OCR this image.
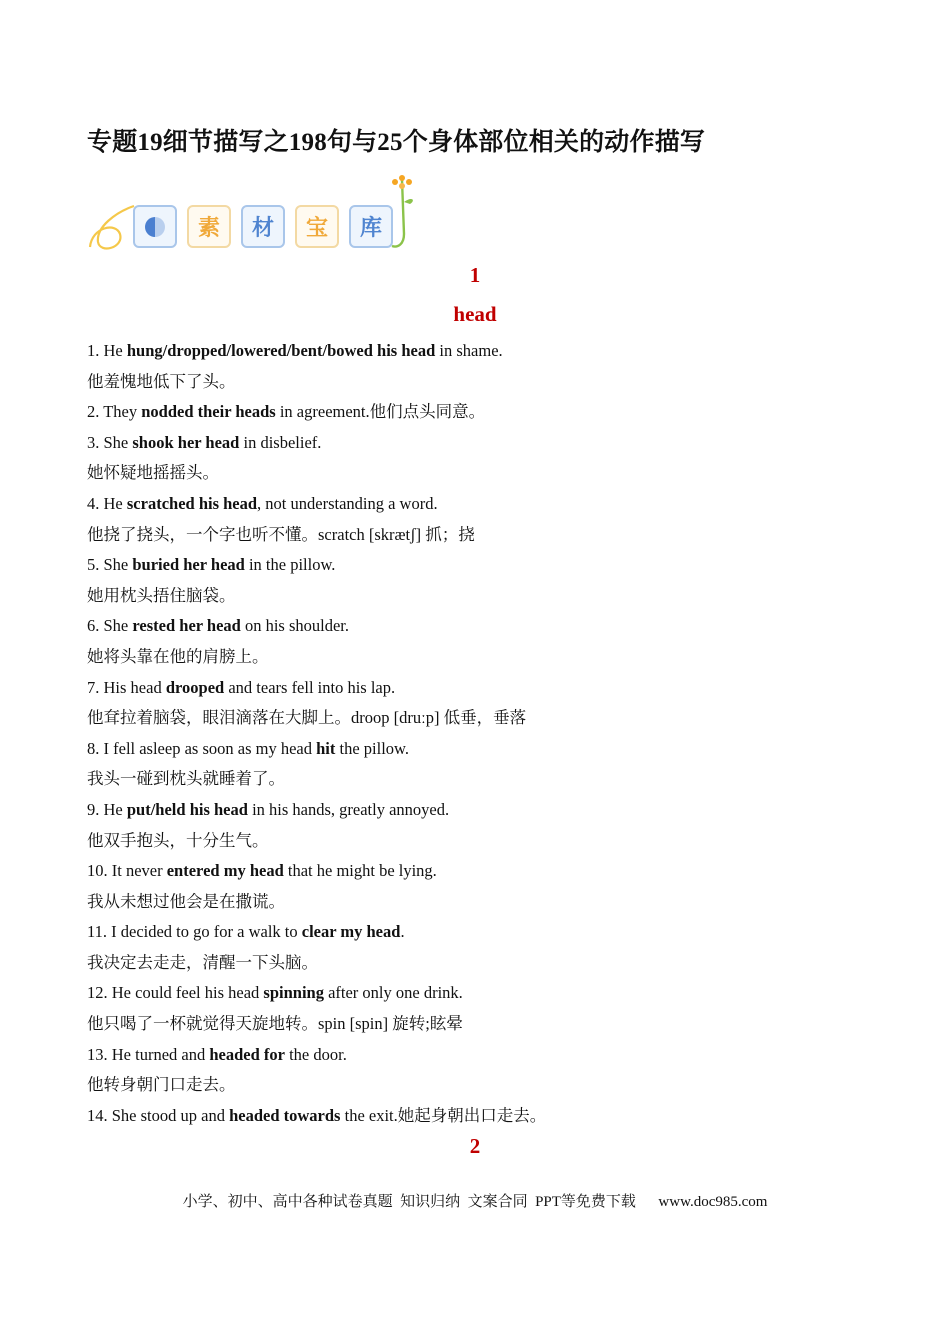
专题19细节描写之198句与25个身体部位相关的动作描写
素	材	宝	库
1
head
1. He hung/dropped/lowered/bent/bowed his head in shame.
他羞愧地低下了头。
2. They nodded their heads in agreement.他们点头同意。
3. She shook her head in disbelief.
她怀疑地摇摇头。
4. He scratched his head, not understanding a word.
他挠了挠头，一个字也听不懂。scratch [skrætʃ] 抓；挠
5. She buried her head in the pillow.
她用枕头捂住脑袋。
6. She rested her head on his shoulder.
她将头靠在他的肩膀上。
7. His head drooped and tears fell into his lap.
他耷拉着脑袋，眼泪滴落在大脚上。droop [druːp] 低垂，垂落
8. I fell asleep as soon as my head hit the pillow.
我头一碰到枕头就睡着了。
9. He put/held his head in his hands, greatly annoyed.
他双手抱头，十分生气。
10. It never entered my head that he might be lying.
我从未想过他会是在撒谎。
11. I decided to go for a walk to clear my head.
我决定去走走，清醒一下头脑。
12. He could feel his head spinning after only one drink.
他只喝了一杯就觉得天旋地转。spin [spin] 旋转;眩晕
13. He turned and headed for the door.
他转身朝门口走去。
14. She stood up and headed towards the exit.她起身朝出口走去。
2
小学、初中、高中各种试卷真题  知识归纳  文案合同  PPT等免费下载 www.doc985.com
